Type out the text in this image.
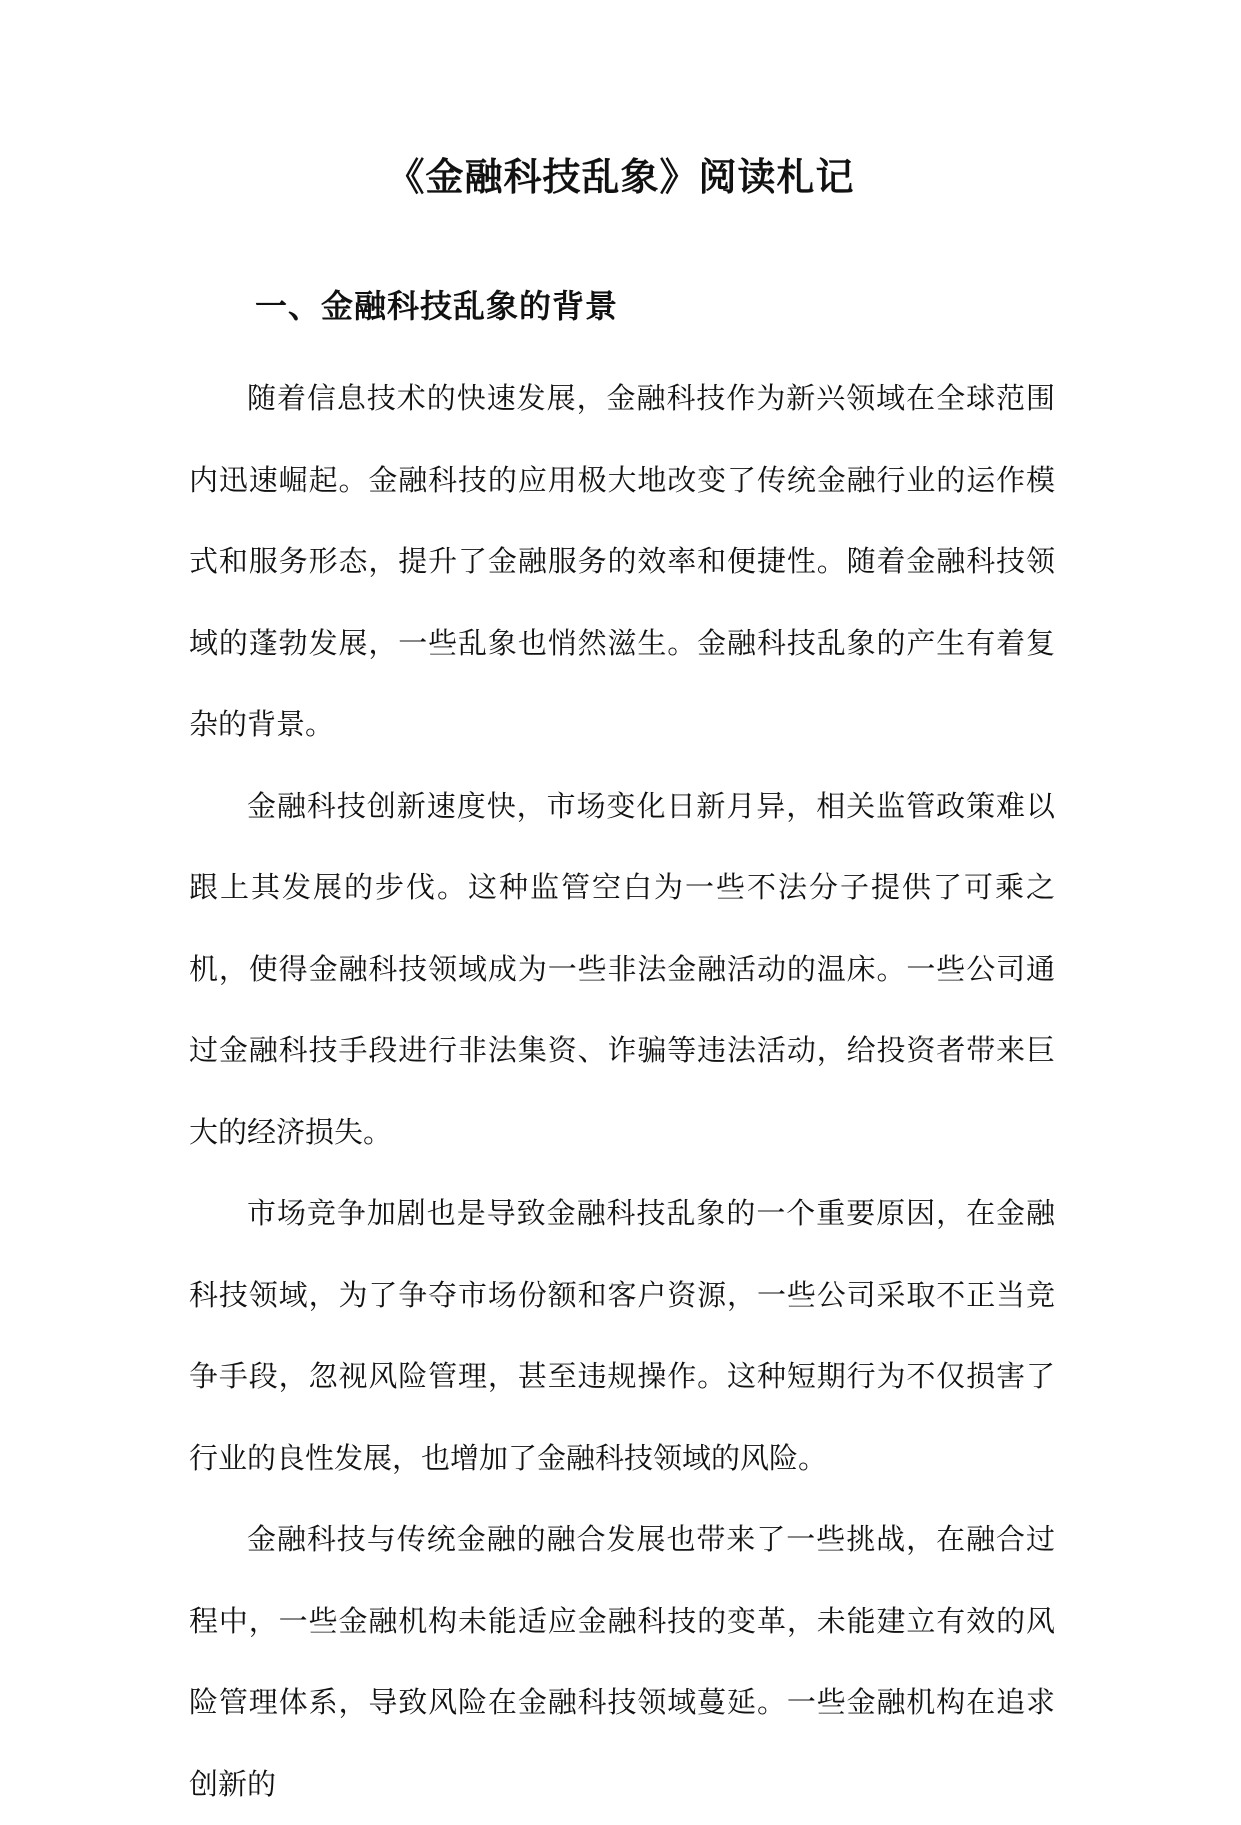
《金融科技乱象》阅读札记
一、金融科技乱象的背景

随着信息技术的快速发展，金融科技作为新兴领域在全球范围内迅速崛起。金融科技的应用极大地改变了传统金融行业的运作模式和服务形态，提升了金融服务的效率和便捷性。随着金融科技领域的蓬勃发展，一些乱象也悄然滋生。金融科技乱象的产生有着复杂的背景。

金融科技创新速度快，市场变化日新月异，相关监管政策难以跟上其发展的步伐。这种监管空白为一些不法分子提供了可乘之机，使得金融科技领域成为一些非法金融活动的温床。一些公司通过金融科技手段进行非法集资、诈骗等违法活动，给投资者带来巨大的经济损失。

市场竞争加剧也是导致金融科技乱象的一个重要原因，在金融科技领域，为了争夺市场份额和客户资源，一些公司采取不正当竞争手段，忽视风险管理，甚至违规操作。这种短期行为不仅损害了行业的良性发展，也增加了金融科技领域的风险。

金融科技与传统金融的融合发展也带来了一些挑战，在融合过程中，一些金融机构未能适应金融科技的变革，未能建立有效的风险管理体系，导致风险在金融科技领域蔓延。一些金融机构在追求创新的
